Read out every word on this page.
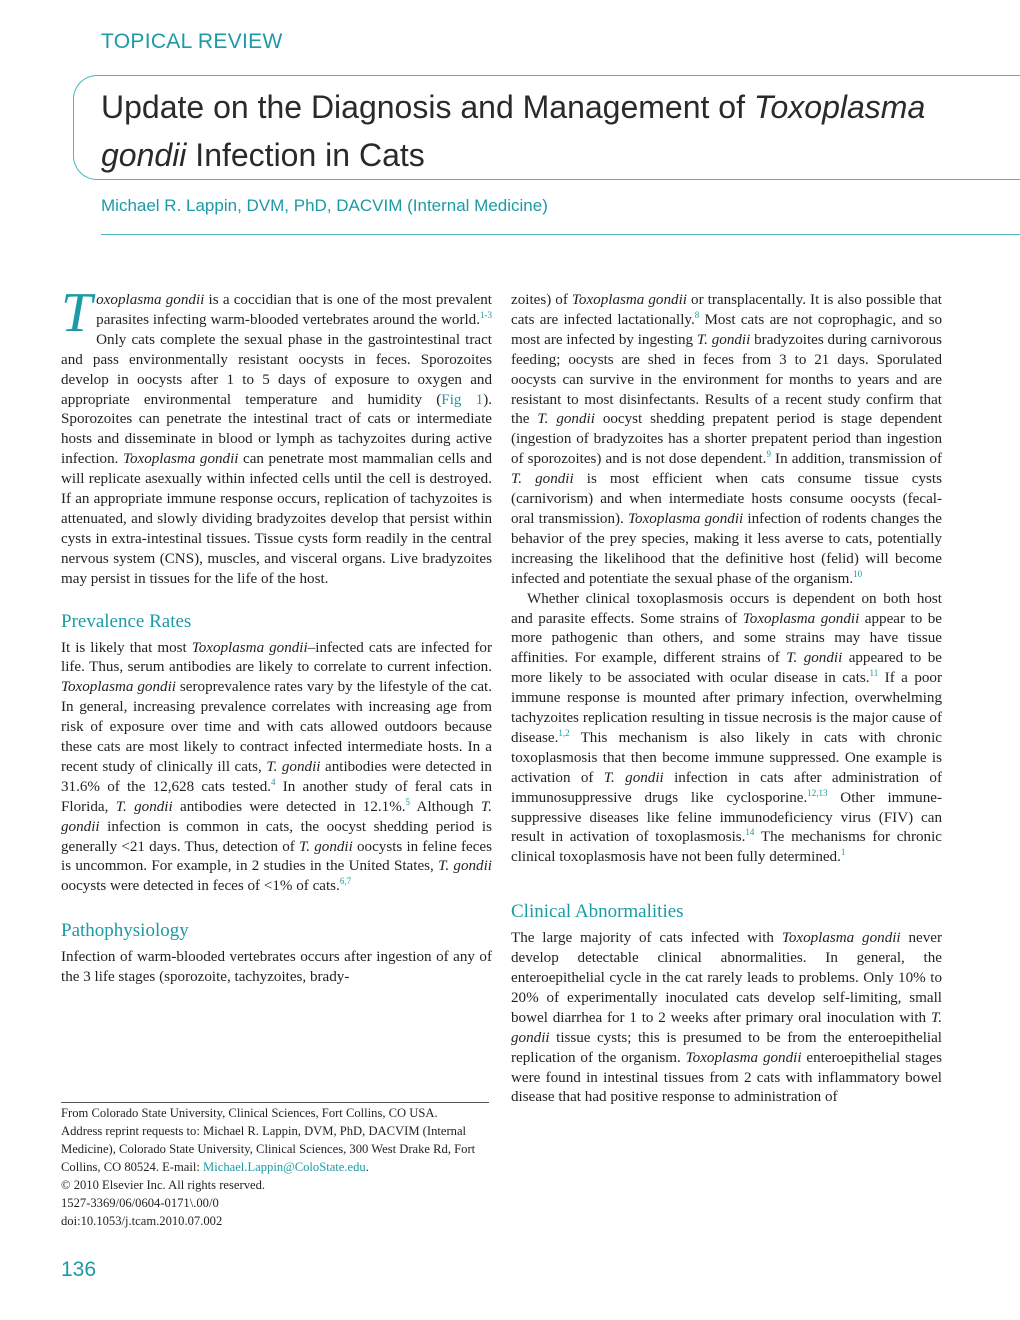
TOPICAL REVIEW
Update on the Diagnosis and Management of Toxoplasma
gondii Infection in Cats
Michael R. Lappin, DVM, PhD, DACVIM (Internal Medicine)

Toxoplasma gondii is a coccidian that is one of the most prevalent parasites infecting warm-blooded vertebrates around the world.$^{1-3}$ Only cats complete the sexual phase in the gastrointestinal tract and pass environmentally resistant oocysts in feces. Sporozoites develop in oocysts after 1 to 5 days of exposure to oxygen and appropriate environmental temperature and humidity (Fig 1). Sporozoites can penetrate the intestinal tract of cats or intermediate hosts and disseminate in blood or lymph as tachyzoites during active infection. Toxoplasma gondii can penetrate most mammalian cells and will replicate asexually within infected cells until the cell is destroyed. If an appropriate immune response occurs, replication of tachyzoites is attenuated, and slowly dividing bradyzoites develop that persist within cysts in extra-intestinal tissues. Tissue cysts form readily in the central nervous system (CNS), muscles, and visceral organs. Live bradyzoites may persist in tissues for the life of the host.

Prevalence Rates

It is likely that most Toxoplasma gondii–infected cats are infected for life. Thus, serum antibodies are likely to correlate to current infection. Toxoplasma gondii seroprevalence rates vary by the lifestyle of the cat. In general, increasing prevalence correlates with increasing age from risk of exposure over time and with cats allowed outdoors because these cats are most likely to contract infected intermediate hosts. In a recent study of clinically ill cats, T. gondii antibodies were detected in 31.6% of the 12,628 cats tested.$^4$ In another study of feral cats in Florida, T. gondii antibodies were detected in 12.1%.$^5$ Although T. gondii infection is common in cats, the oocyst shedding period is generally <21 days. Thus, detection of T. gondii oocysts in feline feces is uncommon. For example, in 2 studies in the United States, T. gondii oocysts were detected in feces of <1% of cats.$^{6,7}$

Pathophysiology

Infection of warm-blooded vertebrates occurs after ingestion of any of the 3 life stages (sporozoite, tachyzoites, brady-

zoites) of Toxoplasma gondii or transplacentally. It is also possible that cats are infected lactationally.$^8$ Most cats are not coprophagic, and so most are infected by ingesting T. gondii bradyzoites during carnivorous feeding; oocysts are shed in feces from 3 to 21 days. Sporulated oocysts can survive in the environment for months to years and are resistant to most disinfectants. Results of a recent study confirm that the T. gondii oocyst shedding prepatent period is stage dependent (ingestion of bradyzoites has a shorter prepatent period than ingestion of sporozoites) and is not dose dependent.$^9$ In addition, transmission of T. gondii is most efficient when cats consume tissue cysts (carnivorism) and when intermediate hosts consume oocysts (fecal-oral transmission). Toxoplasma gondii infection of rodents changes the behavior of the prey species, making it less averse to cats, potentially increasing the likelihood that the definitive host (felid) will become infected and potentiate the sexual phase of the organism.$^{10}$

Whether clinical toxoplasmosis occurs is dependent on both host and parasite effects. Some strains of Toxoplasma gondii appear to be more pathogenic than others, and some strains may have tissue affinities. For example, different strains of T. gondii appeared to be more likely to be associated with ocular disease in cats.$^{11}$ If a poor immune response is mounted after primary infection, overwhelming tachyzoites replication resulting in tissue necrosis is the major cause of disease.$^{1,2}$ This mechanism is also likely in cats with chronic toxoplasmosis that then become immune suppressed. One example is activation of T. gondii infection in cats after administration of immunosuppressive drugs like cyclosporine.$^{12,13}$ Other immune-suppressive diseases like feline immunodeficiency virus (FIV) can result in activation of toxoplasmosis.$^{14}$ The mechanisms for chronic clinical toxoplasmosis have not been fully determined.$^1$

Clinical Abnormalities

The large majority of cats infected with Toxoplasma gondii never develop detectable clinical abnormalities. In general, the enteroepithelial cycle in the cat rarely leads to problems. Only 10% to 20% of experimentally inoculated cats develop self-limiting, small bowel diarrhea for 1 to 2 weeks after primary oral inoculation with T. gondii tissue cysts; this is presumed to be from the enteroepithelial replication of the organism. Toxoplasma gondii enteroepithelial stages were found in intestinal tissues from 2 cats with inflammatory bowel disease that had positive response to administration of

From Colorado State University, Clinical Sciences, Fort Collins, CO USA.
Address reprint requests to: Michael R. Lappin, DVM, PhD, DACVIM (Internal Medicine), Colorado State University, Clinical Sciences, 300 West Drake Rd, Fort Collins, CO 80524. E-mail: Michael.Lappin@ColoState.edu.
© 2010 Elsevier Inc. All rights reserved.
1527-3369/06/0604-0171\.00/0
doi:10.1053/j.tcam.2010.07.002
136
